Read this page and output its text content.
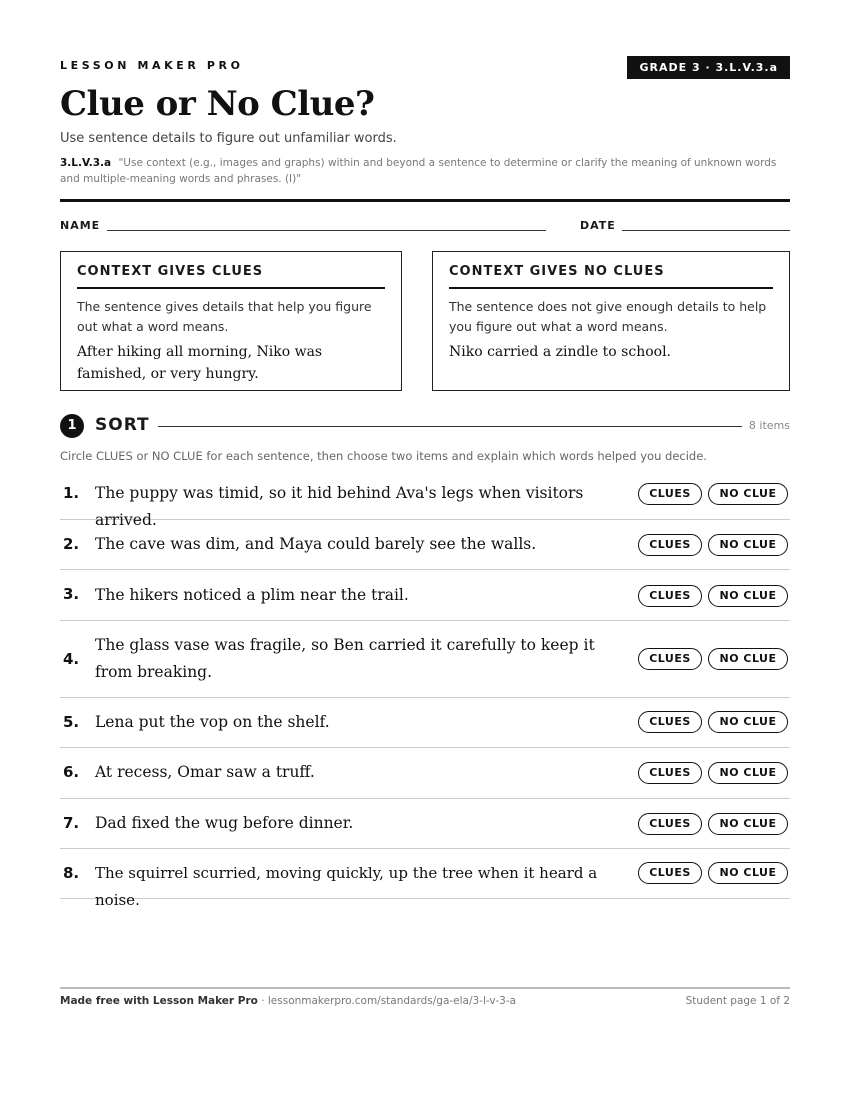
LESSON MAKER PRO	GRADE 3 · 3.L.V.3.a
Clue or No Clue?
Use sentence details to figure out unfamiliar words.
3.L.V.3.a "Use context (e.g., images and graphs) within and beyond a sentence to determine or clarify the meaning of unknown words and multiple-meaning words and phrases. (I)"
NAME	DATE
CONTEXT GIVES CLUES

The sentence gives details that help you figure out what a word means.

After hiking all morning, Niko was famished, or very hungry.

CONTEXT GIVES NO CLUES

The sentence does not give enough details to help you figure out what a word means.

Niko carried a zindle to school.

1	SORT	8 items
Circle CLUES or NO CLUE for each sentence, then choose two items and explain which words helped you decide.
1. The puppy was timid, so it hid behind Ava's legs when visitors arrived.
CLUES	NO CLUE
2. The cave was dim, and Maya could barely see the walls.	CLUES	NO CLUE
3. The hikers noticed a plim near the trail.	CLUES	NO CLUE
4.
The glass vase was fragile, so Ben carried it carefully to keep it from breaking.
CLUES	NO CLUE
5. Lena put the vop on the shelf.	CLUES	NO CLUE
6. At recess, Omar saw a truff.	CLUES	NO CLUE
7. Dad fixed the wug before dinner.	CLUES	NO CLUE
8. The squirrel scurried, moving quickly, up the tree when it heard a noise.
CLUES	NO CLUE
Made free with Lesson Maker Pro · lessonmakerpro.com/standards/ga-ela/3-l-v-3-a	Student page 1 of 2
